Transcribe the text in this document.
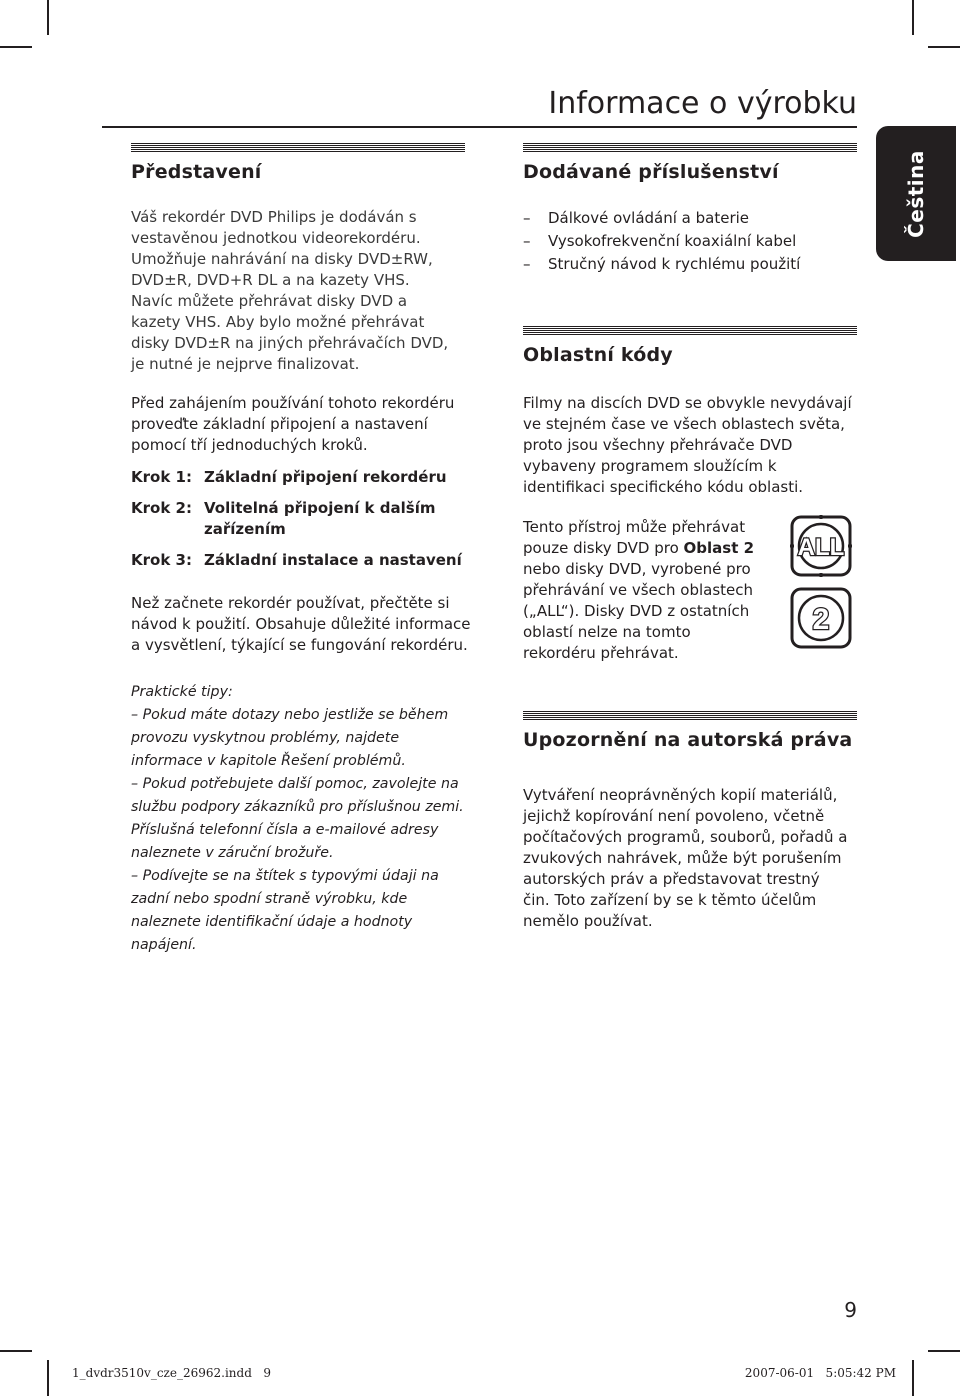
Informace o výrobku
Čeština
Představení

Váš rekordér DVD Philips je dodáván s vestavěnou jednotkou videorekordéru. Umožňuje nahrávání na disky DVD±RW, DVD±R, DVD+R DL a na kazety VHS. Navíc můžete přehrávat disky DVD a kazety VHS. Aby bylo možné přehrávat disky DVD±R na jiných přehrávačích DVD, je nutné je nejprve finalizovat.

Před zahájením používání tohoto rekordéru proveďte základní připojení a nastavení pomocí tří jednoduchých kroků.

Krok 1: Základní připojení rekordéru
Krok 2: Volitelná připojení k dalším zařízením
Krok 3: Základní instalace a nastavení

Než začnete rekordér používat, přečtěte si návod k použití. Obsahuje důležité informace a vysvětlení, týkající se fungování rekordéru.

Praktické tipy:

– Pokud máte dotazy nebo jestliže se během provozu vyskytnou problémy, najdete informace v kapitole Řešení problémů.

– Pokud potřebujete další pomoc, zavolejte na službu podpory zákazníků pro příslušnou zemi. Příslušná telefonní čísla a e-mailové adresy naleznete v záruční brožuře.

– Podívejte se na štítek s typovými údaji na zadní nebo spodní straně výrobku, kde naleznete identifikační údaje a hodnoty napájení.

Dodávané příslušenství
–	Dálkové ovládání a baterie
–	Vysokofrekvenční koaxiální kabel
–	Stručný návod k rychlému použití
Oblastní kódy

Filmy na discích DVD se obvykle nevydávají ve stejném čase ve všech oblastech světa, proto jsou všechny přehrávače DVD vybaveny programem sloužícím k identifikaci specifického kódu oblasti.

Tento přístroj může přehrávat pouze disky DVD pro Oblast 2 nebo disky DVD, vyrobené pro přehrávání ve všech oblastech („ALL“). Disky DVD z ostatních oblastí nelze na tomto rekordéru přehrávat.

ALL
2
Upozornění na autorská práva

Vytváření neoprávněných kopií materiálů, jejichž kopírování není povoleno, včetně počítačových programů, souborů, pořadů a zvukových nahrávek, může být porušením autorských práv a představovat trestný čin. Toto zařízení by se k těmto účelům nemělo používat.

9
1_dvdr3510v_cze_26962.indd   9	2007-06-01   5:05:42 PM
